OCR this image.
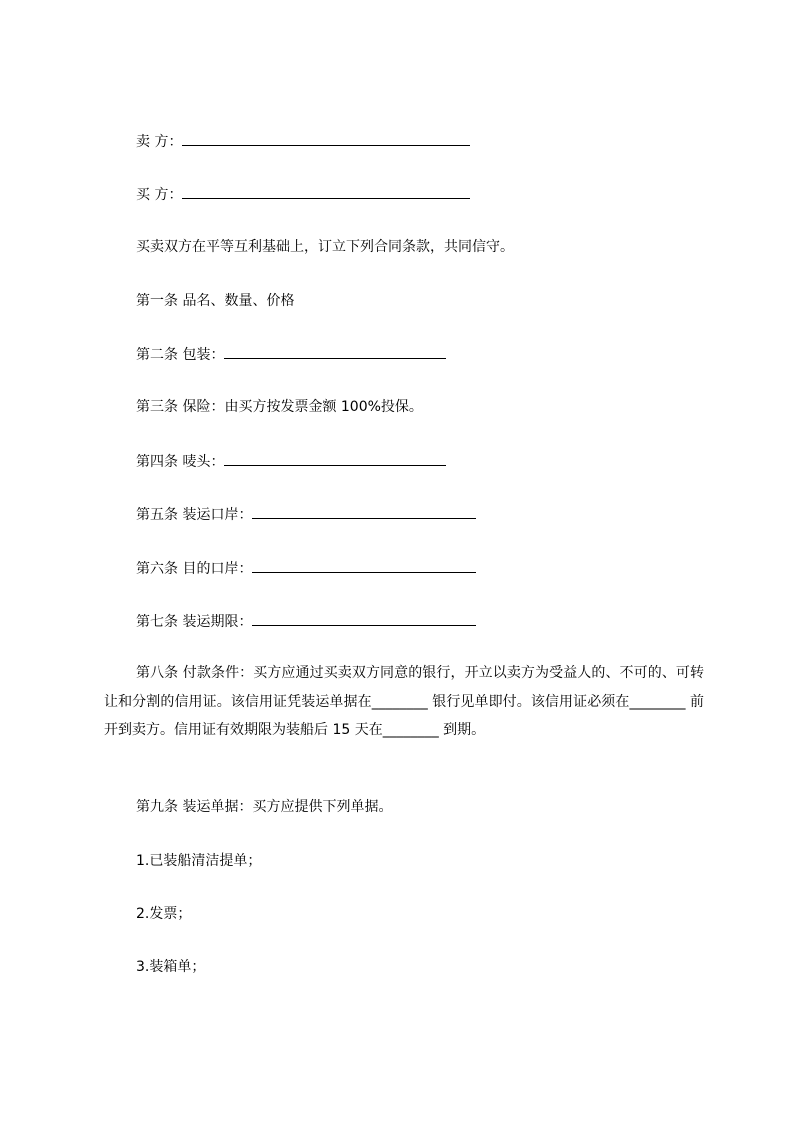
卖 方：
买 方：
买卖双方在平等互利基础上，订立下列合同条款，共同信守。
第一条 品名、数量、价格
第二条 包装：
第三条 保险：由买方按发票金额 100%投保。
第四条 唛头：
第五条 装运口岸：
第六条 目的口岸：
第七条 装运期限：
第八条 付款条件：买方应通过买卖双方同意的银行，开立以卖方为受益人的、不可的、可转让和分割的信用证。该信用证凭装运单据在________ 银行见单即付。该信用证必须在________ 前开到卖方。信用证有效期限为装船后 15 天在________ 到期。
第九条 装运单据：买方应提供下列单据。
1.已装船清洁提单；
2.发票；
3.装箱单；
